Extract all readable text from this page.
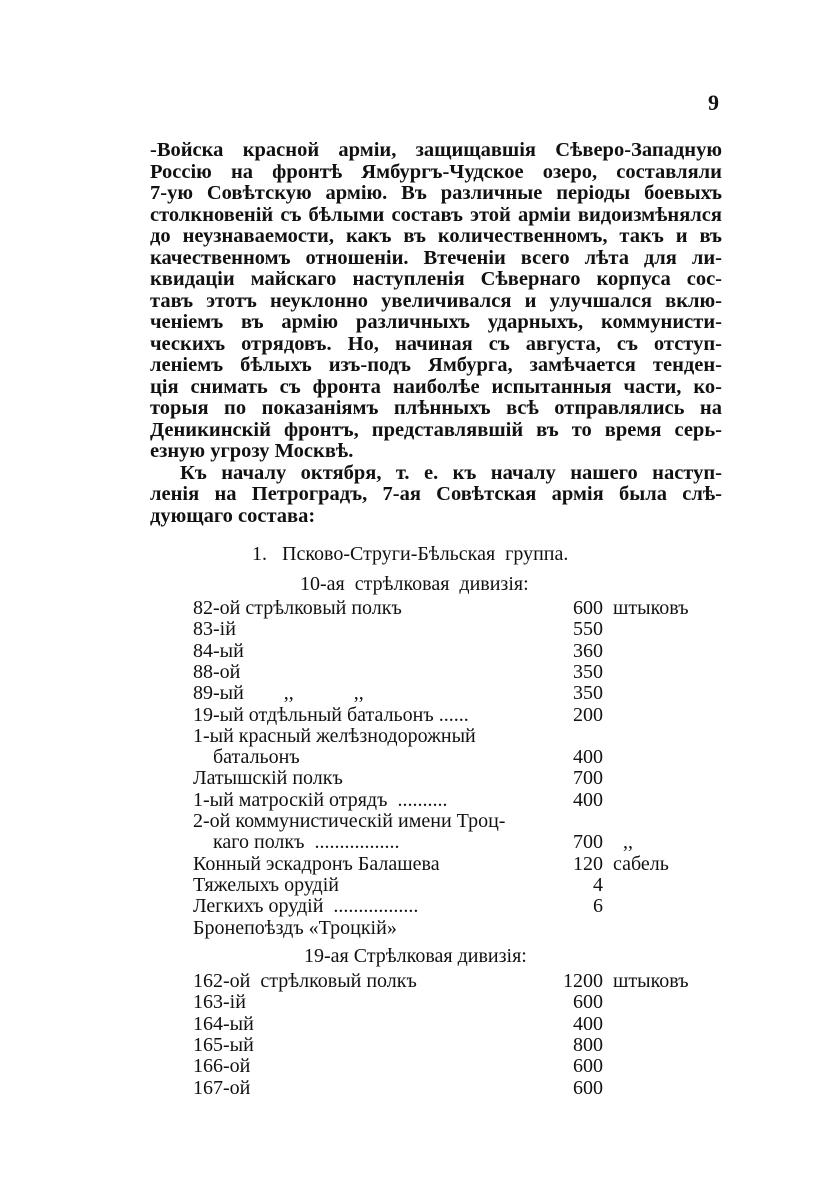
9
-Войска красной арміи, защищавшія Сѣверо-Западную
Россію на фронтѣ Ямбургъ-Чудское озеро, составляли
7-ую Совѣтскую армію. Въ различные періоды боевыхъ
столкновеній съ бѣлыми составъ этой арміи видоизмѣнялся
до неузнаваемости, какъ въ количественномъ, такъ и въ
качественномъ отношеніи. Втеченіи всего лѣта для ли-
квидаціи майскаго наступленія Сѣвернаго корпуса сос-
тавъ этотъ неуклонно увеличивался и улучшался вклю-
ченіемъ въ армію различныхъ ударныхъ, коммунисти-
ческихъ отрядовъ. Но, начиная съ августа, съ отступ-
леніемъ бѣлыхъ изъ-подъ Ямбурга, замѣчается тенден-
ція снимать съ фронта наиболѣе испытанныя части, ко-
торыя по показаніямъ плѣнныхъ всѣ отправлялись на
Деникинскій фронтъ, представлявшій въ то время серь-
езную угрозу Москвѣ.
Къ началу октября, т. е. къ началу нашего наступ-
ленія на Петроградъ, 7-ая Совѣтская армія была слѣ-
дующаго состава:
1.   Псково-Струги-Бѣльская  группа.
10-ая  стрѣлковая  дивизія:
82-ой стрѣлковый полкъ	600 штыковъ
83-ій	550
84-ый	360
88-ой	350
89-ый        ,,            ,,	350
19-ый отдѣльный батальонъ ......	200
1-ый красный желѣзнодорожный
батальонъ	400
Латышскій полкъ	700
1-ый матроскій отрядъ  ..........	400
2-ой коммунистическій имени Троц-
каго полкъ  .................	700 ,,
Конный эскадронъ Балашева	120 сабель
Тяжелыхъ орудій	4
Легкихъ орудій  .................	6
Бронепоѣздъ «Троцкій»
19-ая Стрѣлковая дивизія:
162-ой  стрѣлковый полкъ	1200 штыковъ
163-ій	600
164-ый	400
165-ый	800
166-ой	600
167-ой	600
